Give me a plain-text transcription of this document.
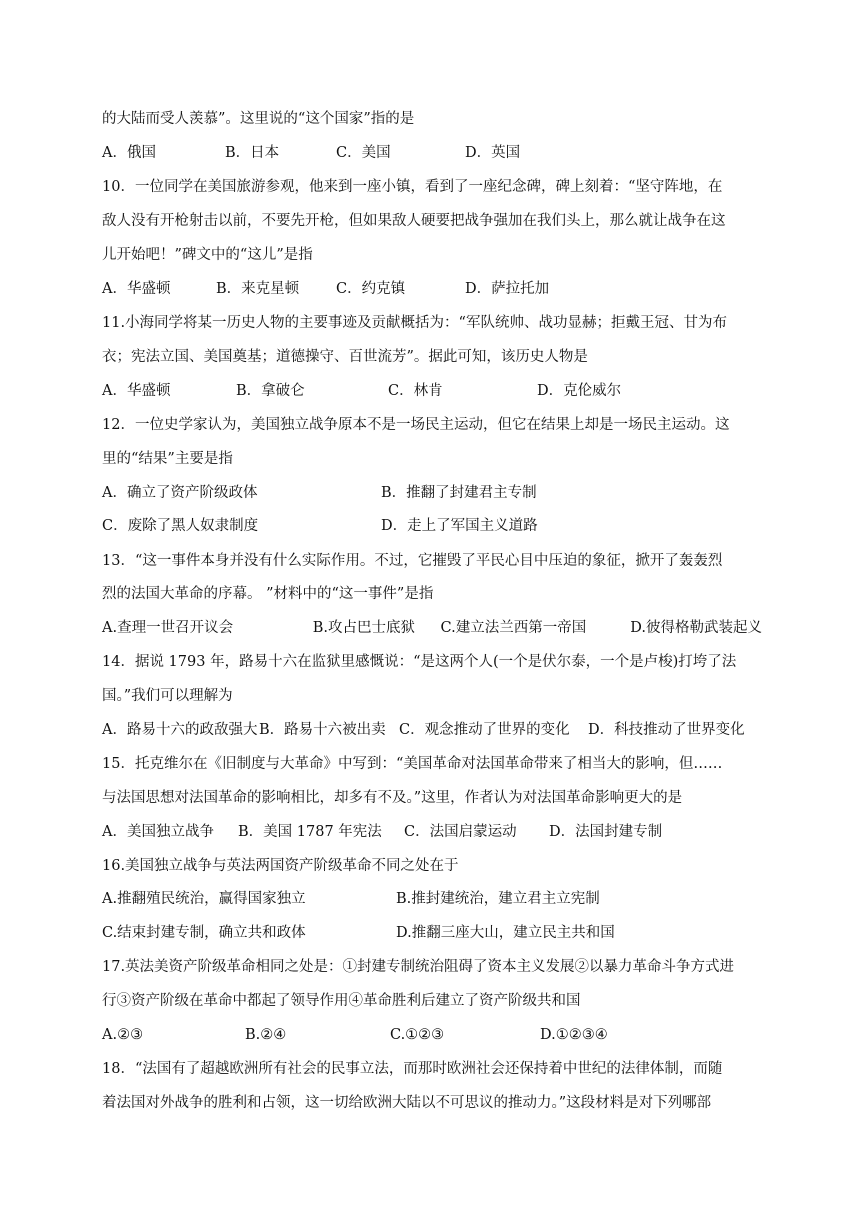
的大陆而受人羡慕”。这里说的“这个国家”指的是
A．俄国	B．日本	C．美国	D．英国
10．一位同学在美国旅游参观，他来到一座小镇，看到了一座纪念碑，碑上刻着：“坚守阵地，在
敌人没有开枪射击以前，不要先开枪，但如果敌人硬要把战争强加在我们头上，那么就让战争在这
儿开始吧！”碑文中的“这儿”是指
A．华盛顿	B．来克星顿	C．约克镇	D．萨拉托加
11.小海同学将某一历史人物的主要事迹及贡献概括为：“军队统帅、战功显赫；拒戴王冠、甘为布
衣；宪法立国、美国奠基；道德操守、百世流芳”。据此可知，该历史人物是
A．华盛顿	B．拿破仑	C．林肯	D．克伦威尔
12．一位史学家认为，美国独立战争原本不是一场民主运动，但它在结果上却是一场民主运动。这
里的“结果”主要是指
A．确立了资产阶级政体	B．推翻了封建君主专制
C．废除了黑人奴隶制度	D．走上了军国主义道路
13．“这一事件本身并没有什么实际作用。不过，它摧毁了平民心目中压迫的象征，掀开了轰轰烈
烈的法国大革命的序幕。 ”材料中的“这一事件”是指
A.查理一世召开议会	B.攻占巴士底狱	C.建立法兰西第一帝国	D.彼得格勒武装起义
14．据说 1793 年，路易十六在监狱里感慨说：“是这两个人(一个是伏尔泰，一个是卢梭)打垮了法
国。”我们可以理解为
A．路易十六的政敌强大 B．路易十六被出卖 C．观念推动了世界的变化	D．科技推动了世界变化
15．托克维尔在《旧制度与大革命》中写到：“美国革命对法国革命带来了相当大的影响，但……
与法国思想对法国革命的影响相比，却多有不及。”这里，作者认为对法国革命影响更大的是
A．美国独立战争	B．美国 1787 年宪法	C．法国启蒙运动	D．法国封建专制
16.美国独立战争与英法两国资产阶级革命不同之处在于
A.推翻殖民统治，赢得国家独立	B.推封建统治，建立君主立宪制
C.结束封建专制，确立共和政体	D.推翻三座大山，建立民主共和国
17.英法美资产阶级革命相同之处是：①封建专制统治阻碍了资本主义发展②以暴力革命斗争方式进
行③资产阶级在革命中都起了领导作用④革命胜利后建立了资产阶级共和国
A.②③	B.②④	C.①②③	D.①②③④
18．“法国有了超越欧洲所有社会的民事立法，而那时欧洲社会还保持着中世纪的法律体制，而随
着法国对外战争的胜利和占领，这一切给欧洲大陆以不可思议的推动力。”这段材料是对下列哪部
